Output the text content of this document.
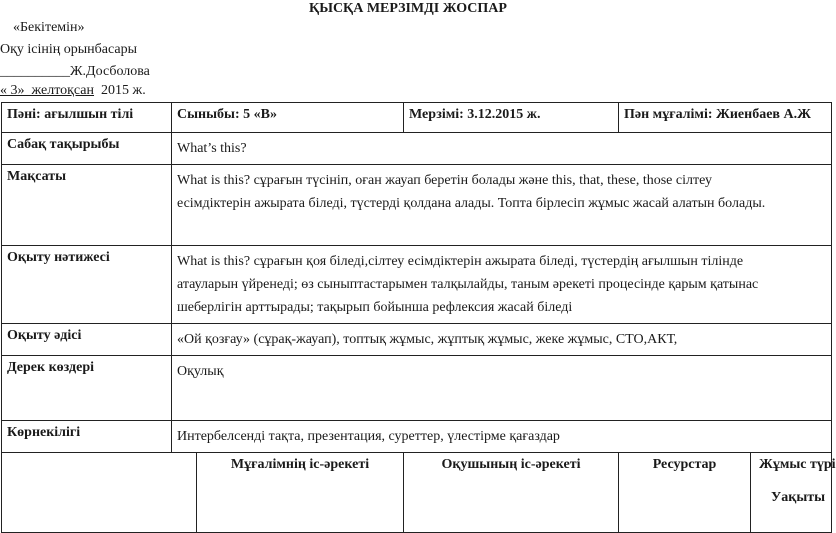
ҚЫСҚА МЕРЗІМДІ ЖОСПАР
«Бекітемін»
Оқу ісінің орынбасары
__________Ж.Досболова
« 3» желтоқсан 2015 ж.
Пәні: ағылшын тілі	Сыныбы: 5 «В»		Мерзімі: 3.12.2015 ж.	Пән мұғалімі: Жиенбаев А.Ж	
Сабақ тақырыбы	What’s this?				

Мақсаты	What is this? сұрағын түсініп, оған жауап беретін болады және this, that, these, those сілтеу
есімдіктерін ажырата біледі, түстерді қолдана алады. Топта бірлесіп жұмыс жасай алатын болады.				

Оқыту нәтижесі	What is this? сұрағын қоя біледі,сілтеу есімдіктерін ажырата біледі, түстердің ағылшын тілінде
атауларын үйренеді; өз сыныптастарымен талқылайды, таным әрекеті процесінде қарым қатынас
шеберлігін арттырады; тақырып бойынша рефлексия жасай біледі				

Оқыту әдісі	«Ой қозғау» (сұрақ-жауап), топтық жұмыс, жұптық жұмыс, жеке жұмыс, СТО,АКТ,				

Дерек көздері	Оқулық				

Көрнекілігі	Интербелсенді тақта, презентация, суреттер, үлестірме қағаздар				

		Мұғалімнің іс-әрекеті	Оқушының іс-әрекеті	Ресурстар	Жұмыс түрі
Уақыты
